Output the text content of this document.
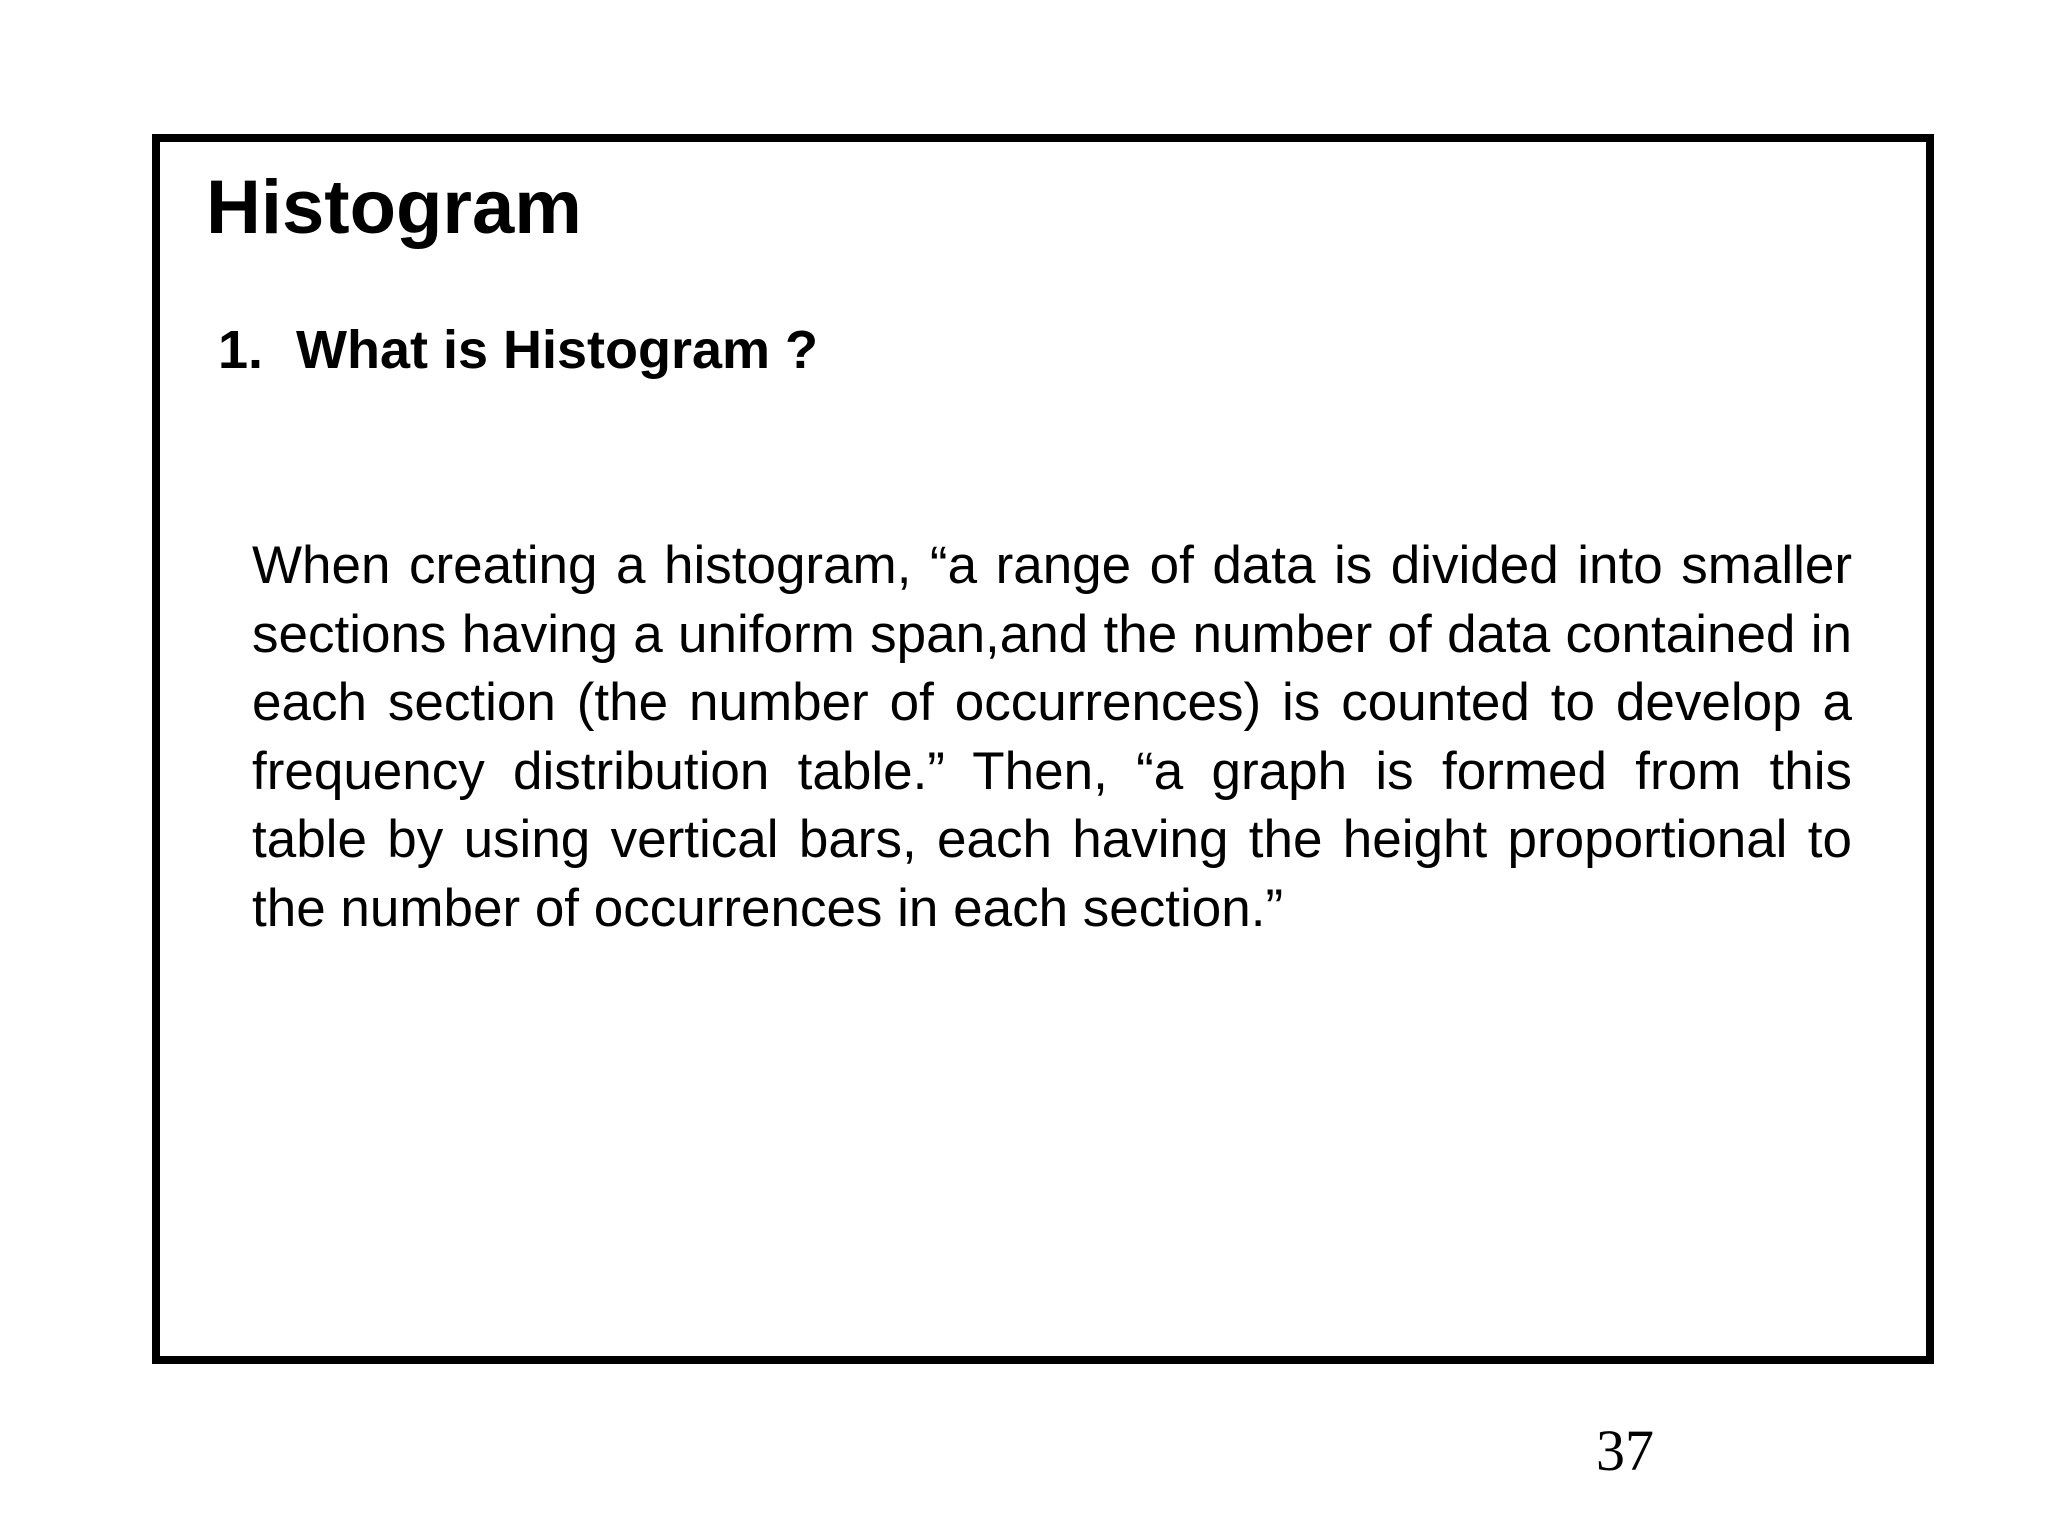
Histogram
1. What is Histogram ?

When creating a histogram, “a range of data is divided into smaller sections having a uniform span,and the number of data contained in each section (the number of occurrences) is counted to develop a frequency distribution table.” Then, “a graph is formed from this table by using vertical bars, each having the height proportional to the number of occurrences in each section.”

37
